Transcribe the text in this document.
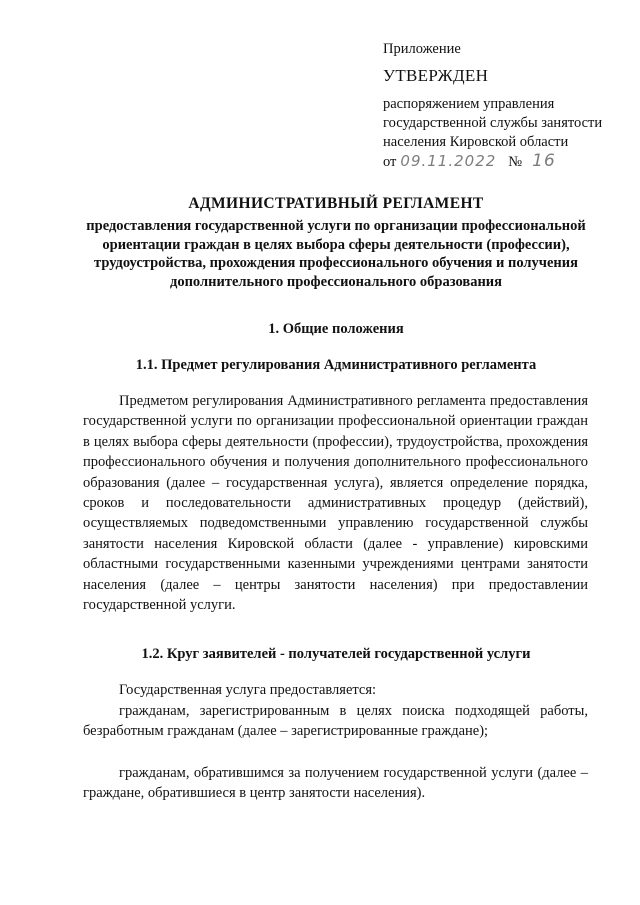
Приложение
УТВЕРЖДЕН
распоряжением управления государственной службы занятости населения Кировской области
от 09.11.2022 № 16
АДМИНИСТРАТИВНЫЙ РЕГЛАМЕНТ
предоставления государственной услуги по организации профессиональной ориентации граждан в целях выбора сферы деятельности (профессии), трудоустройства, прохождения профессионального обучения и получения дополнительного профессионального образования
1. Общие положения
1.1. Предмет регулирования Административного регламента
Предметом регулирования Административного регламента предоставления государственной услуги по организации профессиональной ориентации граждан в целях выбора сферы деятельности (профессии), трудоустройства, прохождения профессионального обучения и получения дополнительного профессионального образования (далее – государственная услуга), является определение порядка, сроков и последовательности административных процедур (действий), осуществляемых подведомственными управлению государственной службы занятости населения Кировской области (далее - управление) кировскими областными государственными казенными учреждениями центрами занятости населения (далее – центры занятости населения) при предоставлении государственной услуги.
1.2. Круг заявителей - получателей государственной услуги
Государственная услуга предоставляется:
гражданам, зарегистрированным в целях поиска подходящей работы, безработным гражданам (далее – зарегистрированные граждане);
гражданам, обратившимся за получением государственной услуги (далее – граждане, обратившиеся в центр занятости населения).
